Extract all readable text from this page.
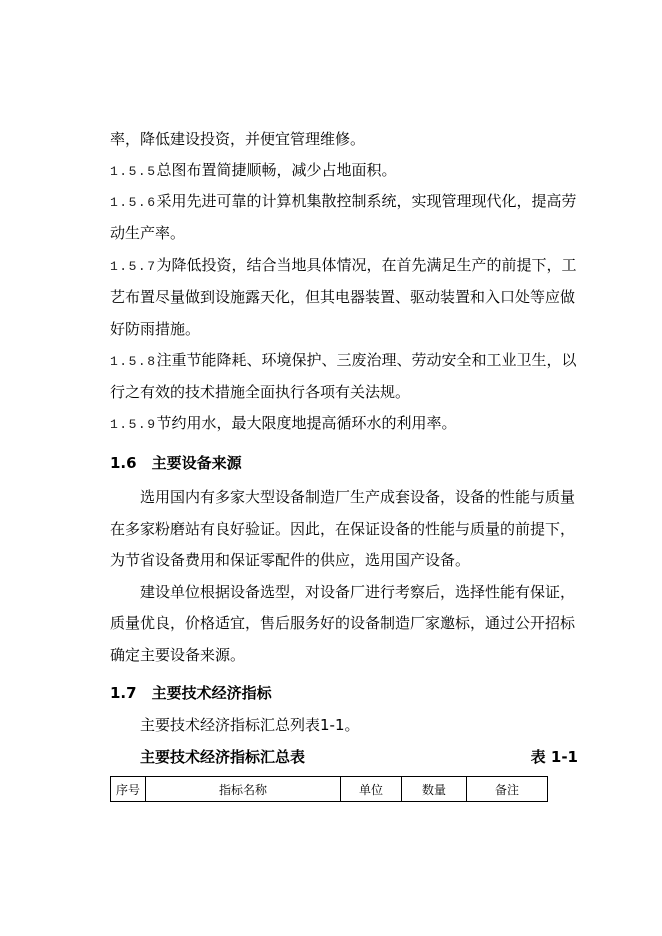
率，降低建设投资，并便宜管理维修。
1.5.5总图布置简捷顺畅，减少占地面积。
1.5.6采用先进可靠的计算机集散控制系统，实现管理现代化，提高劳
动生产率。
1.5.7为降低投资，结合当地具体情况，在首先满足生产的前提下，工
艺布置尽量做到设施露天化，但其电器装置、驱动装置和入口处等应做
好防雨措施。
1.5.8注重节能降耗、环境保护、三废治理、劳动安全和工业卫生，以
行之有效的技术措施全面执行各项有关法规。
1.5.9节约用水，最大限度地提高循环水的利用率。
1.6　主要设备来源
选用国内有多家大型设备制造厂生产成套设备，设备的性能与质量
在多家粉磨站有良好验证。因此，在保证设备的性能与质量的前提下，
为节省设备费用和保证零配件的供应，选用国产设备。
建设单位根据设备选型，对设备厂进行考察后，选择性能有保证，
质量优良，价格适宜，售后服务好的设备制造厂家邀标，通过公开招标
确定主要设备来源。
1.7　主要技术经济指标
主要技术经济指标汇总列表1-1。
主要技术经济指标汇总表	表 1-1
序号	指标名称	单位	数量	备注
